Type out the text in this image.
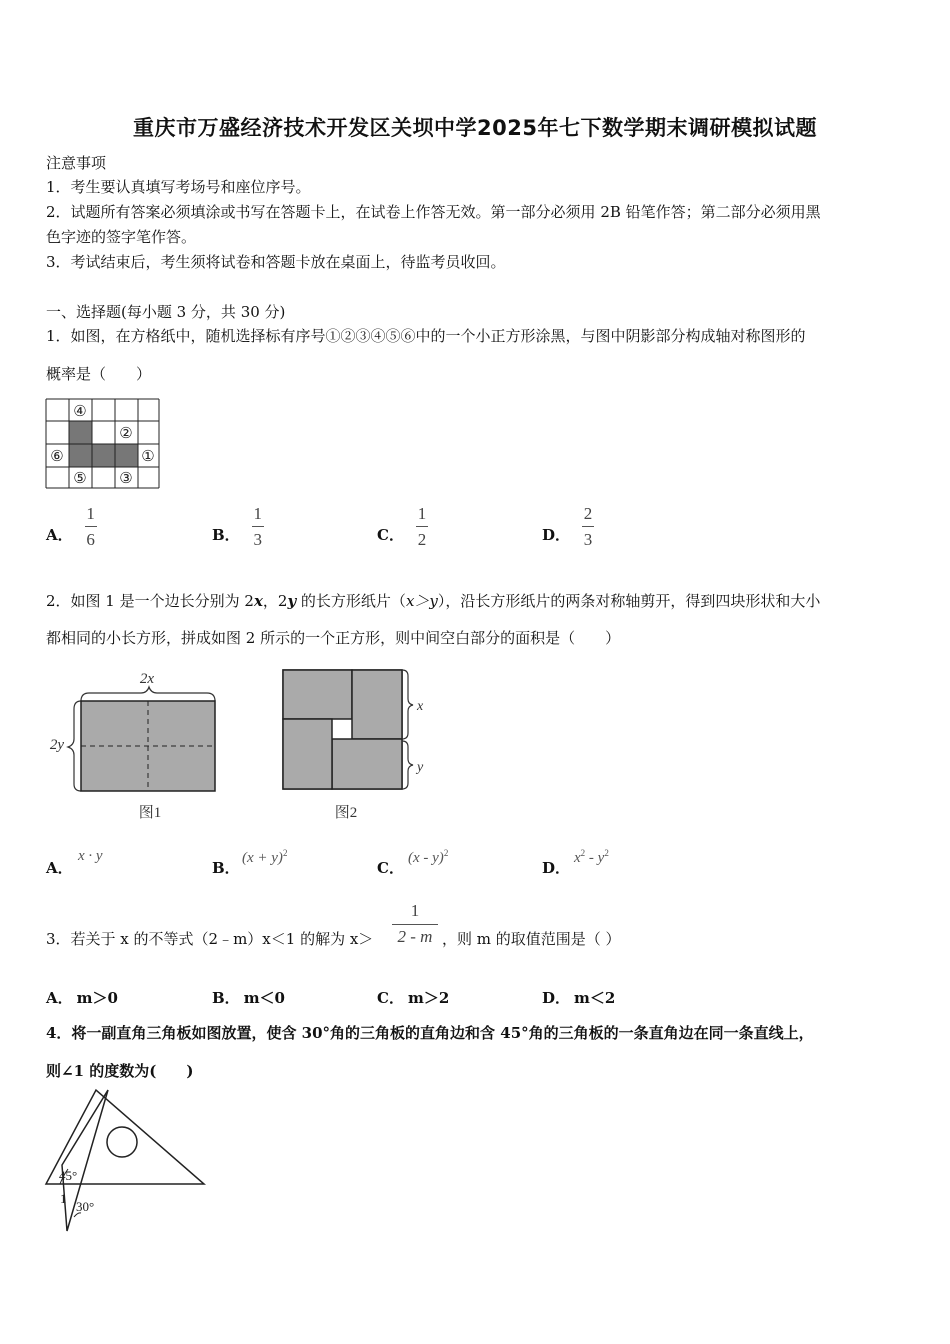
重庆市万盛经济技术开发区关坝中学2025年七下数学期末调研模拟试题
注意事项
1．考生要认真填写考场号和座位序号。
2．试题所有答案必须填涂或书写在答题卡上，在试卷上作答无效。第一部分必须用 2B 铅笔作答；第二部分必须用黑
色字迹的签字笔作答。
3．考试结束后，考生须将试卷和答题卡放在桌面上，待监考员收回。
一、选择题(每小题 3 分，共 30 分)
1．如图，在方格纸中，随机选择标有序号①②③④⑤⑥中的一个小正方形涂黑，与图中阴影部分构成轴对称图形的
概率是（　　）
④
②
⑥	①
⑤ ③
A． $\frac{1}{6}$	B． $\frac{1}{3}$	C． $\frac{1}{2}$	D． $\frac{2}{3}$
2．如图 1 是一个边长分别为 2x，2y 的长方形纸片（x＞y），沿长方形纸片的两条对称轴剪开，得到四块形状和大小
都相同的小长方形，拼成如图 2 所示的一个正方形，则中间空白部分的面积是（　　）
2x
2y
图1
x
y
图2
A．
x · y
B．
$(x + y)^2$
C．
(x - y)$^2$
D．
$x^2 - y^2$
3．若关于 x 的不等式（2﹣m）x＜1 的解为 x＞
1
2 - m ，则 m 的取值范围是（ ）
A． m＞0	B． m＜0	C． m＞2	D． m＜2
4．将一副直角三角板如图放置，使含 30°角的三角板的直角边和含 45°角的三角板的一条直角边在同一条直线上，
则∠1 的度数为(　　)
45°
1
30°
